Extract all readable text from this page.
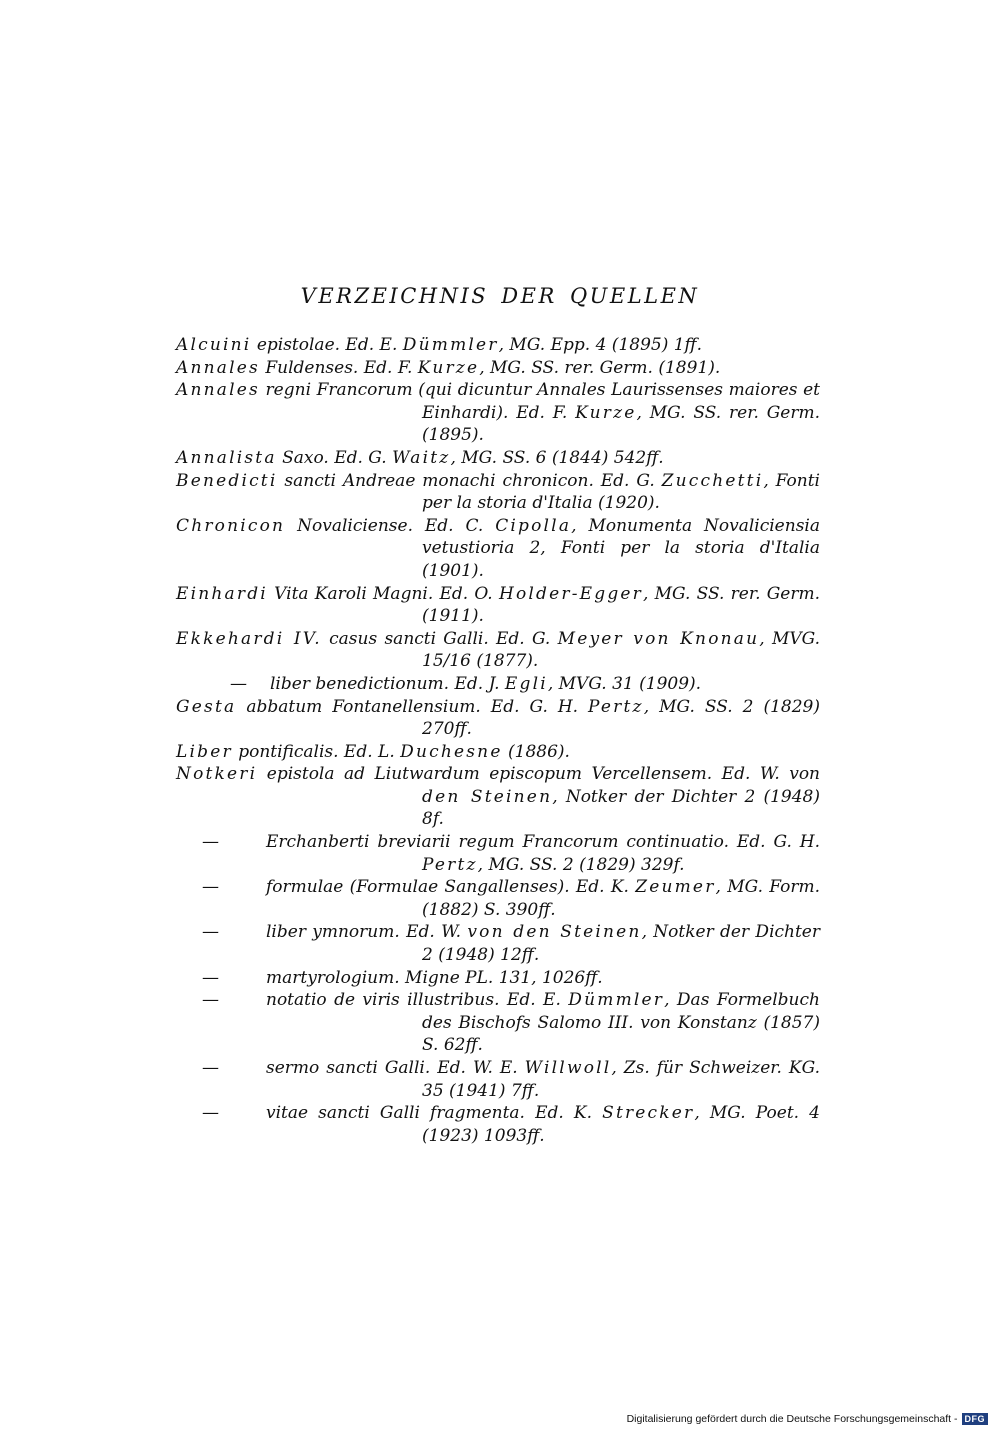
VERZEICHNIS DER QUELLEN
Alcuini epistolae. Ed. E. Dümmler, MG. Epp. 4 (1895) 1ff.
Annales Fuldenses. Ed. F. Kurze, MG. SS. rer. Germ. (1891).
Annales regni Francorum (qui dicuntur Annales Laurissenses maiores et Einhardi). Ed. F. Kurze, MG. SS. rer. Germ. (1895).
Annalista Saxo. Ed. G. Waitz, MG. SS. 6 (1844) 542ff.
Benedicti sancti Andreae monachi chronicon. Ed. G. Zucchetti, Fonti per la storia d'Italia (1920).
Chronicon Novaliciense. Ed. C. Cipolla, Monumenta Novaliciensia vetustioria 2, Fonti per la storia d'Italia (1901).
Einhardi Vita Karoli Magni. Ed. O. Holder-Egger, MG. SS. rer. Germ. (1911).
Ekkehardi IV. casus sancti Galli. Ed. G. Meyer von Knonau, MVG. 15/16 (1877).
— liber benedictionum. Ed. J. Egli, MVG. 31 (1909).
Gesta abbatum Fontanellensium. Ed. G. H. Pertz, MG. SS. 2 (1829) 270ff.
Liber pontificalis. Ed. L. Duchesne (1886).
Notkeri epistola ad Liutwardum episcopum Vercellensem. Ed. W. von den Steinen, Notker der Dichter 2 (1948) 8f.
—	Erchanberti breviarii regum Francorum continuatio. Ed. G. H. Pertz, MG. SS. 2 (1829) 329f.
—	formulae (Formulae Sangallenses). Ed. K. Zeumer, MG. Form. (1882) S. 390ff.
—	liber ymnorum. Ed. W. von den Steinen, Notker der Dichter 2 (1948) 12ff.
—	martyrologium. Migne PL. 131, 1026ff.
—	notatio de viris illustribus. Ed. E. Dümmler, Das Formelbuch des Bischofs Salomo III. von Konstanz (1857) S. 62ff.
—	sermo sancti Galli. Ed. W. E. Willwoll, Zs. für Schweizer. KG. 35 (1941) 7ff.
—	vitae sancti Galli fragmenta. Ed. K. Strecker, MG. Poet. 4 (1923) 1093ff.
Digitalisierung gefördert durch die Deutsche Forschungsgemeinschaft - DFG
